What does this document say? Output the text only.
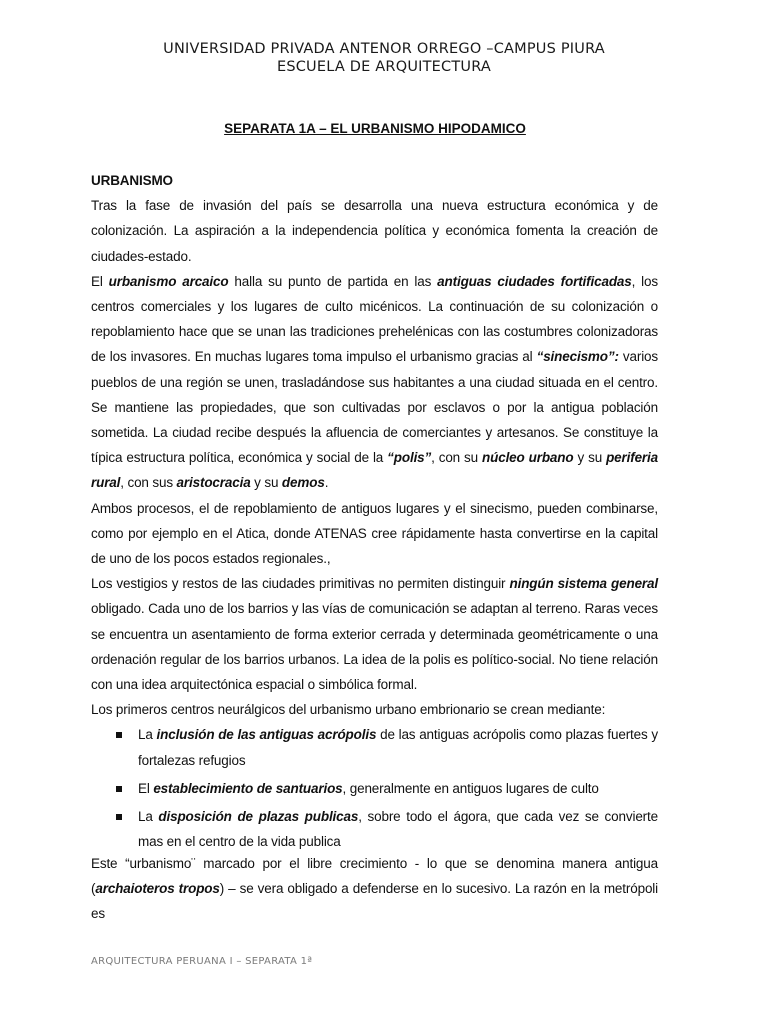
UNIVERSIDAD PRIVADA ANTENOR ORREGO –CAMPUS PIURA
ESCUELA DE ARQUITECTURA
SEPARATA 1A – EL URBANISMO HIPODAMICO

URBANISMO

Tras la fase de invasión del país se desarrolla una nueva estructura económica y de colonización. La aspiración a la independencia política y económica fomenta la creación de ciudades-estado.

El urbanismo arcaico halla su punto de partida en las antiguas ciudades fortificadas, los centros comerciales y los lugares de culto micénicos. La continuación de su colonización o repoblamiento hace que se unan las tradiciones prehelénicas con las costumbres colonizadoras de los invasores. En muchas lugares toma impulso el urbanismo gracias al “sinecismo”: varios pueblos de una región se unen, trasladándose sus habitantes a una ciudad situada en el centro. Se mantiene las propiedades, que son cultivadas por esclavos o por la antigua población sometida. La ciudad recibe después la afluencia de comerciantes y artesanos. Se constituye la típica estructura política, económica y social de la “polis”, con su núcleo urbano y su periferia rural, con sus aristocracia y su demos.

Ambos procesos, el de repoblamiento de antiguos lugares y el sinecismo, pueden combinarse, como por ejemplo en el Atica, donde ATENAS cree rápidamente hasta convertirse en la capital de uno de los pocos estados regionales.,

Los vestigios y restos de las ciudades primitivas no permiten distinguir ningún sistema general obligado. Cada uno de los barrios y las vías de comunicación se adaptan al terreno. Raras veces se encuentra un asentamiento de forma exterior cerrada y determinada geométricamente o una ordenación regular de los barrios urbanos. La idea de la polis es político-social. No tiene relación con una idea arquitectónica espacial o simbólica formal.

Los primeros centros neurálgicos del urbanismo urbano embrionario se crean mediante:

La inclusión de las antiguas acrópolis de las antiguas acrópolis como plazas fuertes y fortalezas refugios
El establecimiento de santuarios, generalmente en antiguos lugares de culto
La disposición de plazas publicas, sobre todo el ágora, que cada vez se convierte mas en el centro de la vida publica

Este “urbanismo¨ marcado por el libre crecimiento - lo que se denomina manera antigua (archaioteros tropos) – se vera obligado a defenderse en lo sucesivo. La razón en la metrópoli es

ARQUITECTURA PERUANA I – SEPARATA 1ª
